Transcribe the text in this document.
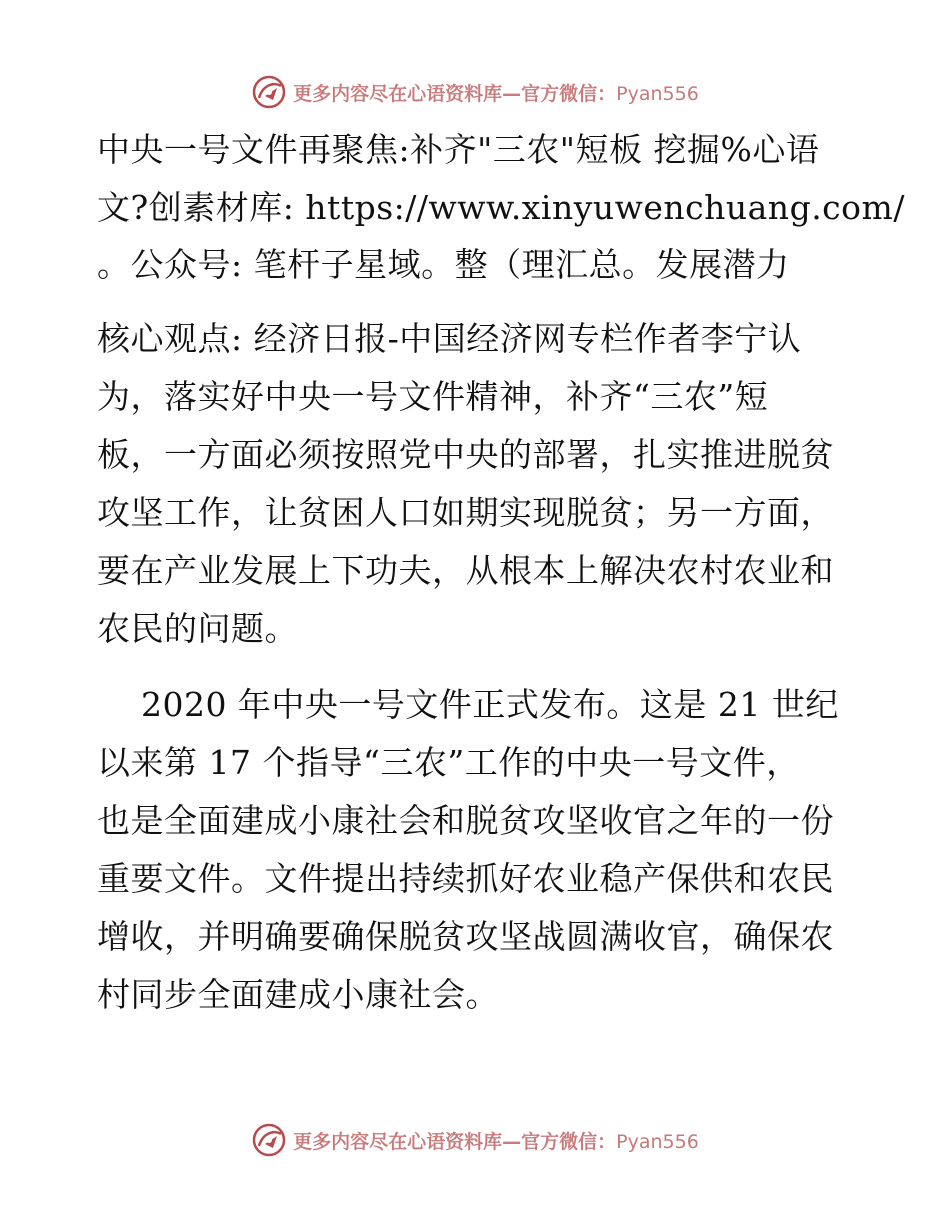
更多内容尽在心语资料库—官方微信：Pyan556
中央一号文件再聚焦:补齐"三农"短板 挖掘%心语
文?创素材库: https://www.xinyuwenchuang.com/
。公众号: 笔杆子星域。整（理汇总。发展潜力
核心观点: 经济日报-中国经济网专栏作者李宁认
为，落实好中央一号文件精神，补齐“三农”短
板，一方面必须按照党中央的部署，扎实推进脱贫
攻坚工作，让贫困人口如期实现脱贫；另一方面，
要在产业发展上下功夫，从根本上解决农村农业和
农民的问题。
2020 年中央一号文件正式发布。这是 21 世纪
以来第 17 个指导“三农”工作的中央一号文件，
也是全面建成小康社会和脱贫攻坚收官之年的一份
重要文件。文件提出持续抓好农业稳产保供和农民
增收，并明确要确保脱贫攻坚战圆满收官，确保农
村同步全面建成小康社会。
更多内容尽在心语资料库—官方微信：Pyan556
